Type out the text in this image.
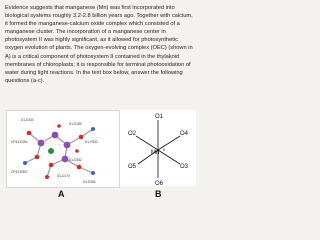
Evidence suggests that manganese (Mn) was first incorporated into biological systems roughly 3.2-2.8 billion years ago. Together with calcium, it formed the manganese-calcium oxide complex which consisted of a manganese cluster. The incorporation of a manganese center in photosystem II was highly significant, as it allowed for photosynthetic oxygen evolution of plants. The oxygen-evolving complex (OEC) (shown in A) is a critical component of photosystem II contained in the thylakoid membranes of chloroplasts; it is responsible for terminal photooxidation of water during light reactions. In the text box below, answer the following questions (a-c).
D1-E333
D1-E189
CP43-E354	D1-H332
CP43-R357
D1-D342
D1-D170
D1-E354
A
O1
O2
O3
O4
O5
O6
Mn
II
B
